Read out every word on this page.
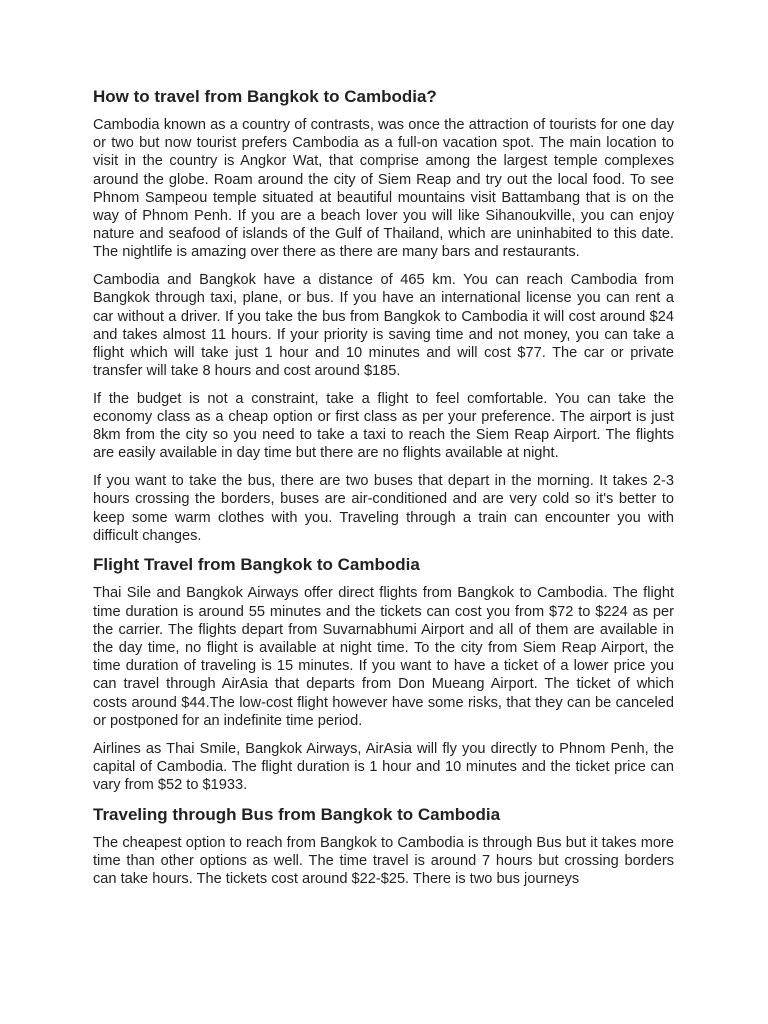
How to travel from Bangkok to Cambodia?

Cambodia known as a country of contrasts, was once the attraction of tourists for one day or two but now tourist prefers Cambodia as a full-on vacation spot. The main location to visit in the country is Angkor Wat, that comprise among the largest temple complexes around the globe. Roam around the city of Siem Reap and try out the local food. To see Phnom Sampeou temple situated at beautiful mountains visit Battambang that is on the way of Phnom Penh. If you are a beach lover you will like Sihanoukville, you can enjoy nature and seafood of islands of the Gulf of Thailand, which are uninhabited to this date. The nightlife is amazing over there as there are many bars and restaurants.

Cambodia and Bangkok have a distance of 465 km. You can reach Cambodia from Bangkok through taxi, plane, or bus. If you have an international license you can rent a car without a driver. If you take the bus from Bangkok to Cambodia it will cost around $24 and takes almost 11 hours. If your priority is saving time and not money, you can take a flight which will take just 1 hour and 10 minutes and will cost $77. The car or private transfer will take 8 hours and cost around $185.

If the budget is not a constraint, take a flight to feel comfortable. You can take the economy class as a cheap option or first class as per your preference. The airport is just 8km from the city so you need to take a taxi to reach the Siem Reap Airport. The flights are easily available in day time but there are no flights available at night.

If you want to take the bus, there are two buses that depart in the morning. It takes 2-3 hours crossing the borders, buses are air-conditioned and are very cold so it's better to keep some warm clothes with you. Traveling through a train can encounter you with difficult changes.

Flight Travel from Bangkok to Cambodia

Thai Sile and Bangkok Airways offer direct flights from Bangkok to Cambodia. The flight time duration is around 55 minutes and the tickets can cost you from $72 to $224 as per the carrier. The flights depart from Suvarnabhumi Airport and all of them are available in the day time, no flight is available at night time. To the city from Siem Reap Airport, the time duration of traveling is 15 minutes. If you want to have a ticket of a lower price you can travel through AirAsia that departs from Don Mueang Airport. The ticket of which costs around $44.The low-cost flight however have some risks, that they can be canceled or postponed for an indefinite time period.

Airlines as Thai Smile, Bangkok Airways, AirAsia will fly you directly to Phnom Penh, the capital of Cambodia. The flight duration is 1 hour and 10 minutes and the ticket price can vary from $52 to $1933.

Traveling through Bus from Bangkok to Cambodia

The cheapest option to reach from Bangkok to Cambodia is through Bus but it takes more time than other options as well. The time travel is around 7 hours but crossing borders can take hours. The tickets cost around $22-$25. There is two bus journeys
